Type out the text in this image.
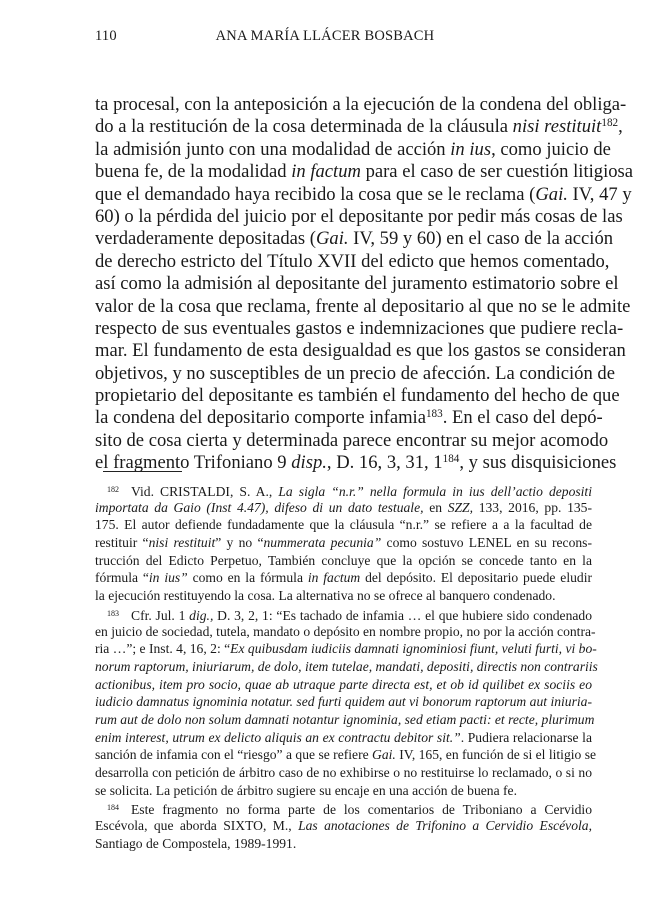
110	ANA MARÍA LLÁCER BOSBACH
ta procesal, con la anteposición a la ejecución de la condena del obliga-
do a la restitución de la cosa determinada de la cláusula nisi restituit$^{182}$,
la admisión junto con una modalidad de acción in ius, como juicio de
buena fe, de la modalidad in factum para el caso de ser cuestión litigiosa
que el demandado haya recibido la cosa que se le reclama (Gai. IV, 47 y
60) o la pérdida del juicio por el depositante por pedir más cosas de las
verdaderamente depositadas (Gai. IV, 59 y 60) en el caso de la acción
de derecho estricto del Título XVII del edicto que hemos comentado,
así como la admisión al depositante del juramento estimatorio sobre el
valor de la cosa que reclama, frente al depositario al que no se le admite
respecto de sus eventuales gastos e indemnizaciones que pudiere recla-
mar. El fundamento de esta desigualdad es que los gastos se consideran
objetivos, y no susceptibles de un precio de afección. La condición de
propietario del depositante es también el fundamento del hecho de que
la condena del depositario comporte infamia$^{183}$. En el caso del depó-
sito de cosa cierta y determinada parece encontrar su mejor acomodo
el fragmento Trifoniano 9 disp., D. 16, 3, 31, $1^{184}$, y sus disquisiciones
$^{182}$ Vid. CRISTALDI, S. A., La sigla “n.r.” nella formula in ius dell’actio depositi
importata da Gaio (Inst 4.47), difeso di un dato testuale, en SZZ, 133, 2016, pp. 135-
175. El autor defiende fundadamente que la cláusula “n.r.” se refiere a a la facultad de
restituir “nisi restituit” y no “nummerata pecunia” como sostuvo LENEL en su recons-
trucción del Edicto Perpetuo, También concluye que la opción se concede tanto en la
fórmula “in ius” como en la fórmula in factum del depósito. El depositario puede eludir
la ejecución restituyendo la cosa. La alternativa no se ofrece al banquero condenado.
$^{183}$ Cfr. Jul. 1 dig., D. 3, 2, 1: “Es tachado de infamia … el que hubiere sido condenado
en juicio de sociedad, tutela, mandato o depósito en nombre propio, no por la acción contra-
ria …”; e Inst. 4, 16, 2: “Ex quibusdam iudiciis damnati ignominiosi fiunt, veluti furti, vi bo-
norum raptorum, iniuriarum, de dolo, item tutelae, mandati, depositi, directis non contrariis
actionibus, item pro socio, quae ab utraque parte directa est, et ob id quilibet ex sociis eo
iudicio damnatus ignominia notatur. sed furti quidem aut vi bonorum raptorum aut iniuria-
rum aut de dolo non solum damnati notantur ignominia, sed etiam pacti: et recte, plurimum
enim interest, utrum ex delicto aliquis an ex contractu debitor sit.”. Pudiera relacionarse la
sanción de infamia con el “riesgo” a que se refiere Gai. IV, 165, en función de si el litigio se
desarrolla con petición de árbitro caso de no exhibirse o no restituirse lo reclamado, o si no
se solicita. La petición de árbitro sugiere su encaje en una acción de buena fe.
$^{184}$ Este fragmento no forma parte de los comentarios de Triboniano a Cervidio
Escévola, que aborda SIXTO, M., Las anotaciones de Trifonino a Cervidio Escévola,
Santiago de Compostela, 1989-1991.
